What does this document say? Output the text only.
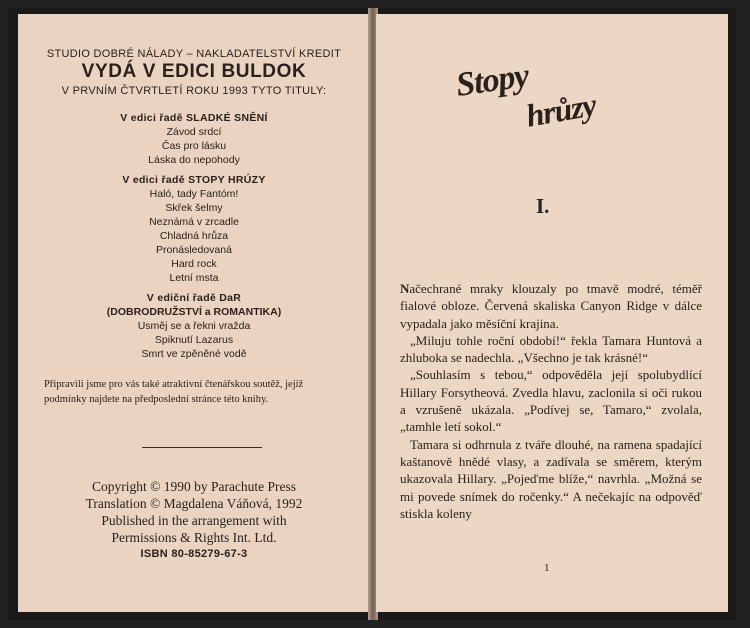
STUDIO DOBRÉ NÁLADY – NAKLADATELSTVÍ KREDIT

VYDÁ V EDICI BULDOK

V PRVNÍM ČTVRTLETÍ ROKU 1993 TYTO TITULY:

V edici řadě SLADKÉ SNĚNÍ
Závod srdcí
Čas pro lásku
Láska do nepohody
V edici řadě STOPY HRÚZY
Haló, tady Fantóm!
Skřek šelmy
Neznámá v zrcadle
Chladná hrůza
Pronásledovaná
Hard rock
Letní msta
V ediční řadě DaR
(DOBRODRUŽSTVÍ a ROMANTIKA)
Usměj se a řekni vražda
Spiknutí Lazarus
Smrt ve zpěněné vodě

Připravili jsme pro vás také atraktivní čtenářskou soutěž, jejíž podmínky najdete na předposlední stránce této knihy.

Copyright © 1990 by Parachute Press
Translation © Magdalena Váňová, 1992
Published in the arrangement with
Permissions & Rights Int. Ltd.
ISBN 80-85279-67-3
Stopy
hrůzy
I.

Načechrané mraky klouzaly po tmavě modré, téměř fialové obloze. Červená skaliska Canyon Ridge v dálce vypadala jako měsíční krajina.

„Miluju tohle roční období!“ řekla Tamara Huntová a zhluboka se nadechla. „Všechno je tak krásné!“

„Souhlasím s tebou,“ odpověděla její spolubydlící Hillary Forsytheová. Zvedla hlavu, zaclonila si oči rukou a vzrušeně ukázala. „Podívej se, Tamaro,“ zvolala, „tamhle letí sokol.“

Tamara si odhrnula z tváře dlouhé, na ramena spadající kaštanově hnědé vlasy, a zadívala se směrem, kterým ukazovala Hillary. „Pojeďme blíže,“ navrhla. „Možná se mi povede snímek do ročenky.“ A nečekajíc na odpověď stiskla koleny

1
